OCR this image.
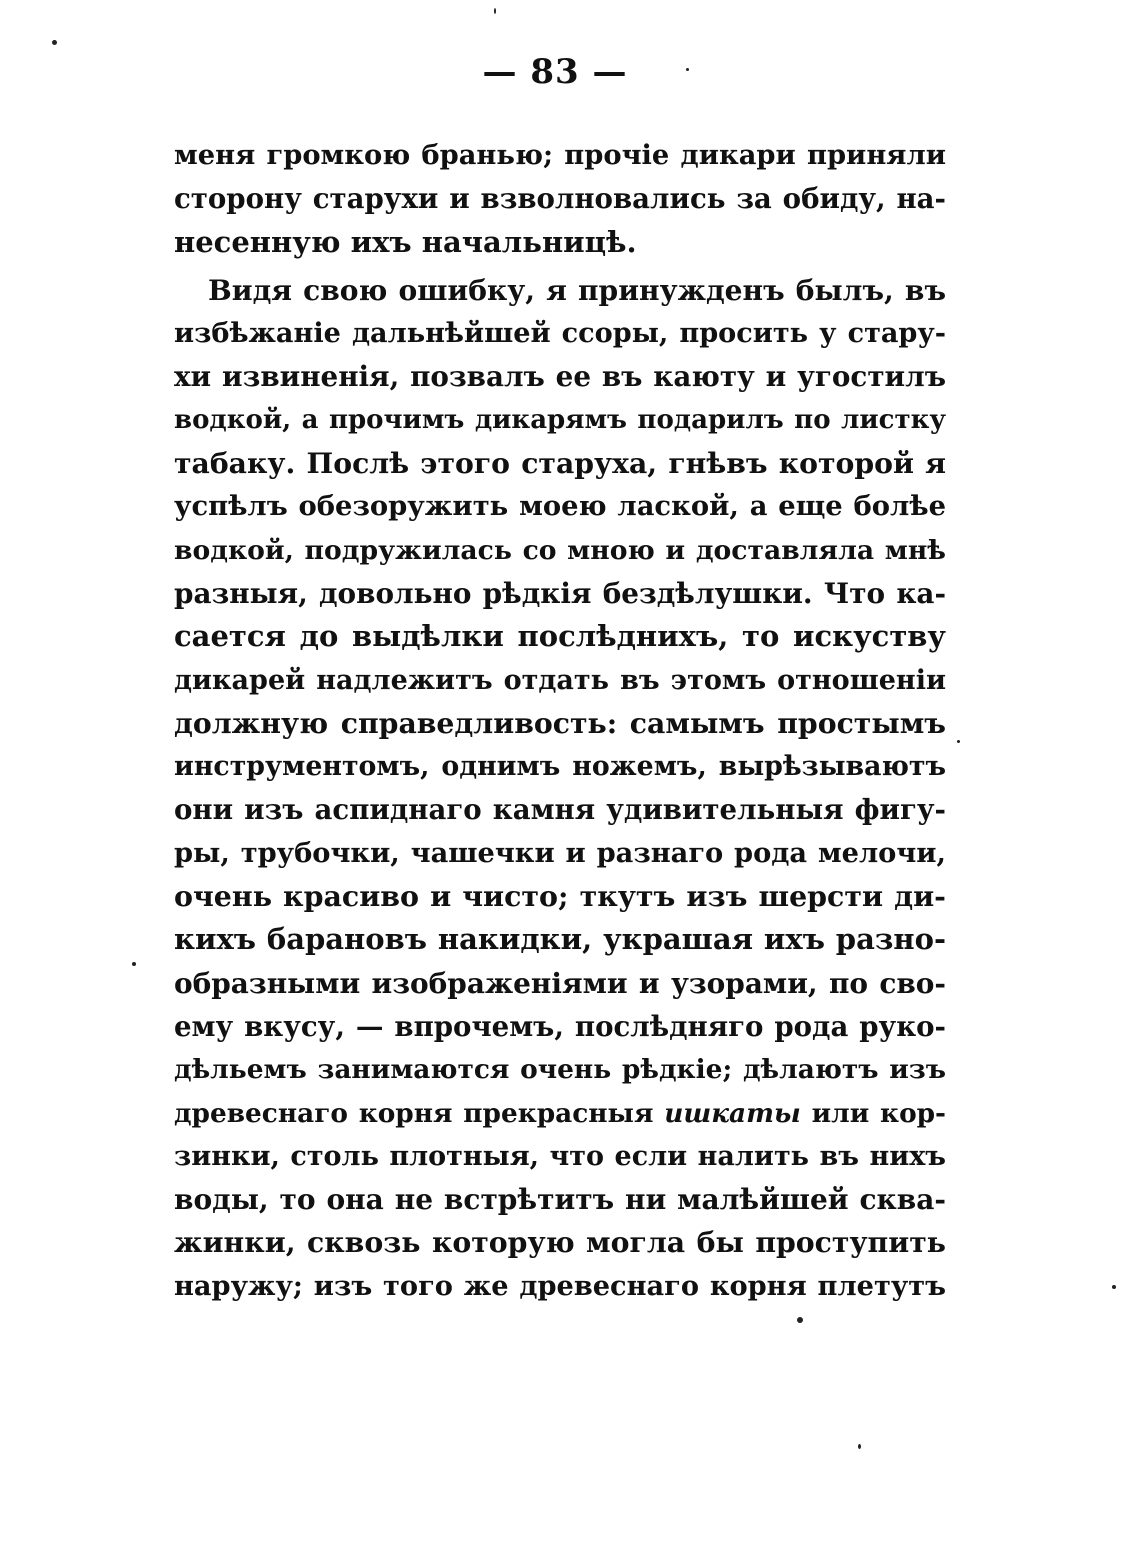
— 83 —
меня громкою бранью; прочіе дикари приняли
сторону старухи и взволновались за обиду, на-
несенную ихъ начальницѣ.
Видя свою ошибку, я принужденъ былъ, въ
избѣжаніе дальнѣйшей ссоры, просить у стару-
хи извиненія, позвалъ ее въ каюту и угостилъ
водкой, а прочимъ дикарямъ подарилъ по листку
табаку. Послѣ этого старуха, гнѣвъ которой я
успѣлъ обезоружить моею лаской, а еще болѣе
водкой, подружилась со мною и доставляла мнѣ
разныя, довольно рѣдкія бездѣлушки. Что ка-
сается до выдѣлки послѣднихъ, то искуству
дикарей надлежитъ отдать въ этомъ отношеніи
должную справедливость: самымъ простымъ
инструментомъ, однимъ ножемъ, вырѣзываютъ
они изъ аспиднаго камня удивительныя фигу-
ры, трубочки, чашечки и разнаго рода мелочи,
очень красиво и чисто; ткутъ изъ шерсти ди-
кихъ барановъ накидки, украшая ихъ разно-
образными изображеніями и узорами, по сво-
ему вкусу, — впрочемъ, послѣдняго рода руко-
дѣльемъ занимаются очень рѣдкіе; дѣлаютъ изъ
древеснаго корня прекрасныя ишкаты или кор-
зинки, столь плотныя, что если налить въ нихъ
воды, то она не встрѣтитъ ни малѣйшей сква-
жинки, сквозь которую могла бы проступить
наружу; изъ того же древеснаго корня плетутъ
